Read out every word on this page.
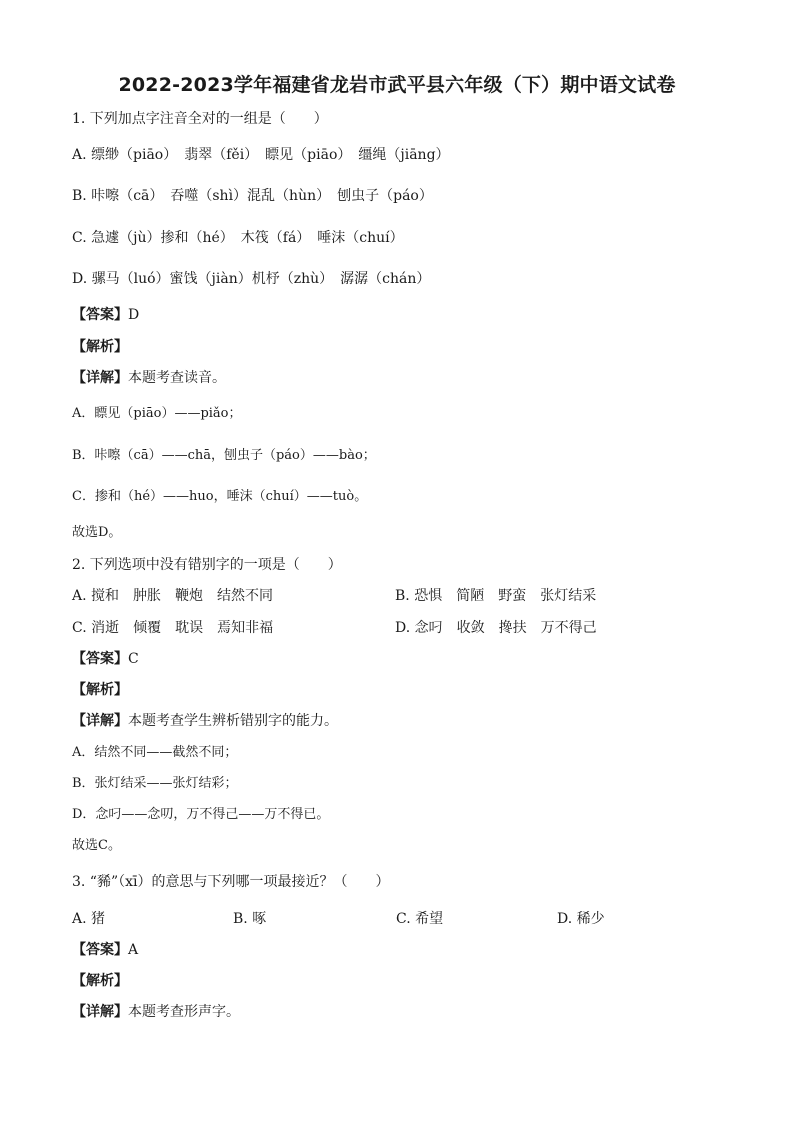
2022-2023学年福建省龙岩市武平县六年级（下）期中语文试卷
1. 下列加点字注音全对的一组是（　　）
A. 缥缈（piāo）　翡翠（fěi）　瞟见（piāo）　缰绳（jiāng）
B. 咔嚓（cā）　吞噬（shì）混乱（hùn）　刨虫子（páo）
C. 急遽（jù）掺和（hé）　木筏（fá）　唾沫（chuí）
D. 骡马（luó）蜜饯（jiàn）机杼（zhù）　潺潺（chán）
【答案】D
【解析】
【详解】本题考查读音。
A．瞟见（piāo）——piǎo；
B．咔嚓（cā）——chā，刨虫子（páo）——bào；
C．掺和（hé）——huo，唾沫（chuí）——tuò。
故选D。
2. 下列选项中没有错别字的一项是（　　）
A. 搅和　肿胀　鞭炮　结然不同	B. 恐惧　简陋　野蛮　张灯结采
C. 消逝　倾覆　耽误　焉知非福	D. 念叼　收敛　搀扶　万不得己
【答案】C
【解析】
【详解】本题考查学生辨析错别字的能力。
A．结然不同——截然不同；
B．张灯结采——张灯结彩；
D．念叼——念叨，万不得己——万不得已。
故选C。
3. “豨”（xī）的意思与下列哪一项最接近？（　　）
A. 猪	B. 啄	C. 希望	D. 稀少
【答案】A
【解析】
【详解】本题考查形声字。
